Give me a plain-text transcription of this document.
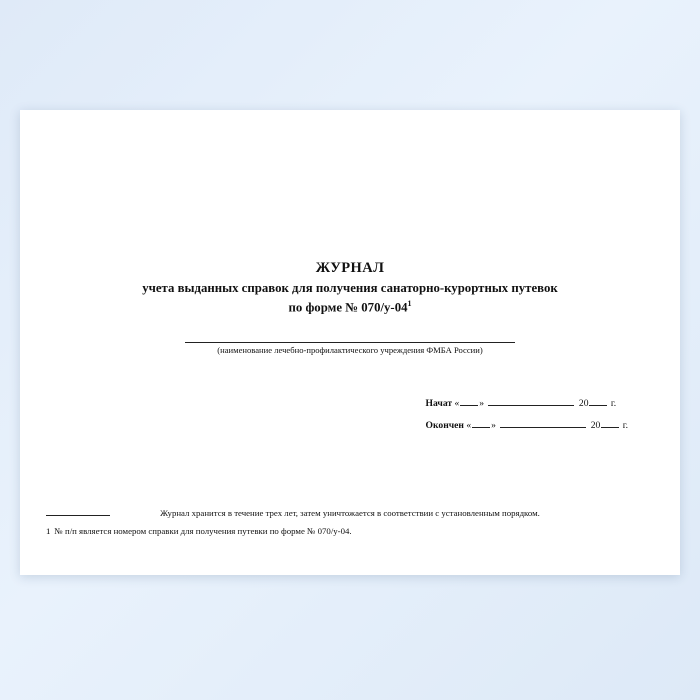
ЖУРНАЛ
учета выданных справок для получения санаторно-курортных путевок
по форме № $070/у-04^1$
(наименование лечебно-профилактического учреждения ФМБА России)
Начат « »	20 г.
Окончен « »	20 г.
Журнал хранится в течение трех лет, затем уничтожается в соответствии с установленным порядком.
1 № п/п является номером справки для получения путевки по форме № 070/у-04.
